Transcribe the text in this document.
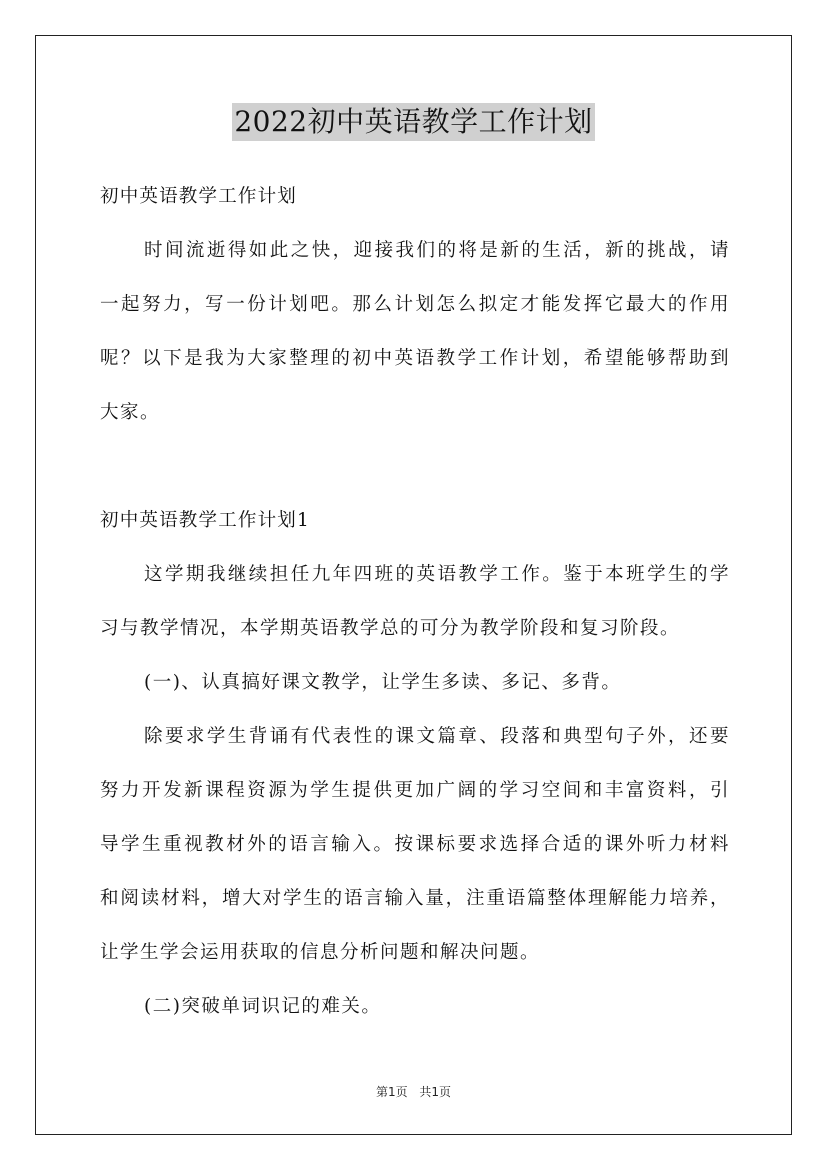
2022初中英语教学工作计划
初中英语教学工作计划
时间流逝得如此之快，迎接我们的将是新的生活，新的挑战，请
一起努力，写一份计划吧。那么计划怎么拟定才能发挥它最大的作用
呢？以下是我为大家整理的初中英语教学工作计划，希望能够帮助到
大家。
初中英语教学工作计划1
这学期我继续担任九年四班的英语教学工作。鉴于本班学生的学
习与教学情况，本学期英语教学总的可分为教学阶段和复习阶段。
(一)、认真搞好课文教学，让学生多读、多记、多背。
除要求学生背诵有代表性的课文篇章、段落和典型句子外，还要
努力开发新课程资源为学生提供更加广阔的学习空间和丰富资料，引
导学生重视教材外的语言输入。按课标要求选择合适的课外听力材料
和阅读材料，增大对学生的语言输入量，注重语篇整体理解能力培养，
让学生学会运用获取的信息分析问题和解决问题。
(二)突破单词识记的难关。
第1页 共1页
